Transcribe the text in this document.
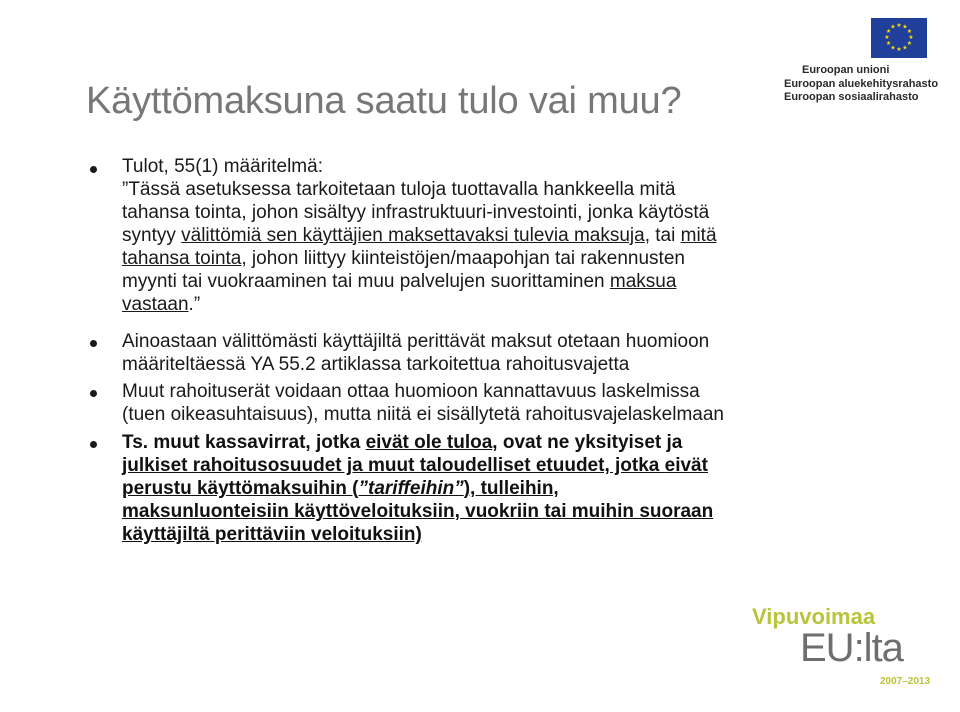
Käyttömaksuna saatu tulo vai muu?
★ ★
★
★
★
★
★
★
★
★
★
★
Euroopan unioni
Euroopan aluekehitysrahasto
Euroopan sosiaalirahasto
Tulot, 55(1) määritelmä:
”Tässä asetuksessa tarkoitetaan tuloja tuottavalla hankkeella mitä
tahansa tointa, johon sisältyy infrastruktuuri-investointi, jonka käytöstä
syntyy välittömiä sen käyttäjien maksettavaksi tulevia maksuja, tai mitä
tahansa tointa, johon liittyy kiinteistöjen/maapohjan tai rakennusten
myynti tai vuokraaminen tai muu palvelujen suorittaminen maksua
vastaan.”
Ainoastaan välittömästi käyttäjiltä perittävät maksut otetaan huomioon
määriteltäessä YA 55.2 artiklassa tarkoitettua rahoitusvajetta
Muut rahoituserät voidaan ottaa huomioon kannattavuus laskelmissa
(tuen oikeasuhtaisuus), mutta niitä ei sisällytetä rahoitusvajelaskelmaan
Ts. muut kassavirrat, jotka eivät ole tuloa, ovat ne yksityiset ja
julkiset rahoitusosuudet ja muut taloudelliset etuudet, jotka eivät
perustu käyttömaksuihin (”tariffeihin”), tulleihin,
maksunluonteisiin käyttöveloituksiin, vuokriin tai muihin suoraan
käyttäjiltä perittäviin veloituksiin)
Vipuvoimaa
EU:lta
2007–2013
